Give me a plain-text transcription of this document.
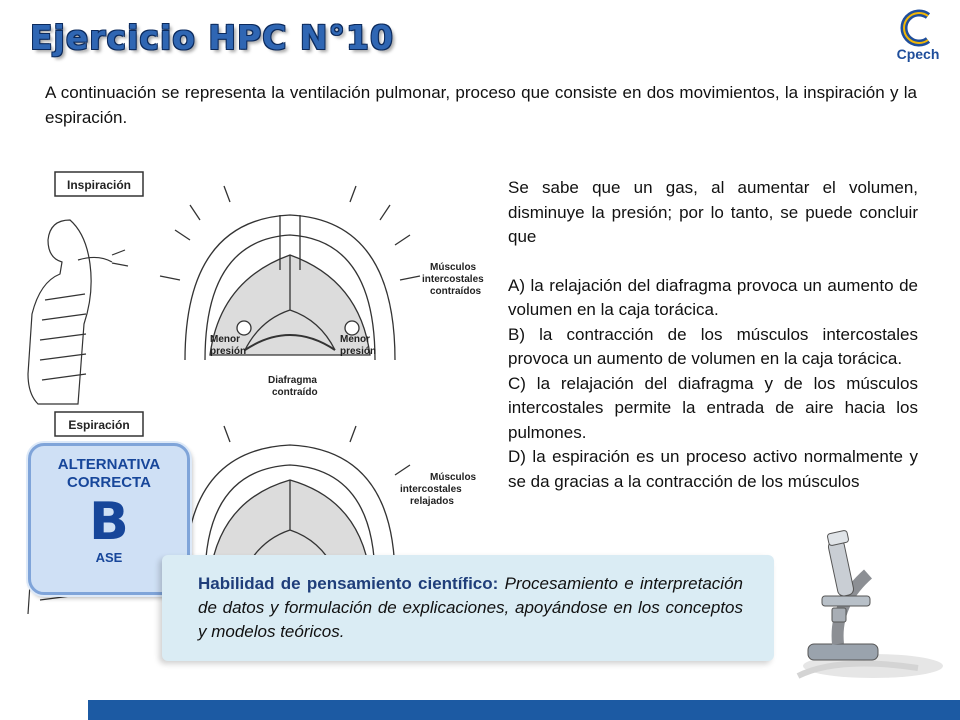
Ejercicio HPC N°10	Cpech
A continuación se representa la ventilación pulmonar, proceso que consiste en dos movimientos, la inspiración y la espiración.
Inspiración
Músculos
intercostales
contraídos
Menor
presión
Menor
presión
Diafragma
contraído
Espiración
Músculos
intercostales
relajados

Se sabe que un gas, al aumentar el volumen, disminuye la presión; por lo tanto, se puede concluir que

A) la relajación del diafragma provoca un aumento de volumen en la caja torácica.

B) la contracción de los músculos intercostales provoca un aumento de volumen en la caja torácica.

C) la relajación del diafragma y de los músculos intercostales permite la entrada de aire hacia los pulmones.

D) la espiración es un proceso activo normalmente y se da gracias a la contracción de los músculos

ALTERNATIVA CORRECTA
B
ASE
Habilidad de pensamiento científico: Procesamiento e interpretación de datos y formulación de explicaciones, apoyándose en los conceptos y modelos teóricos.
